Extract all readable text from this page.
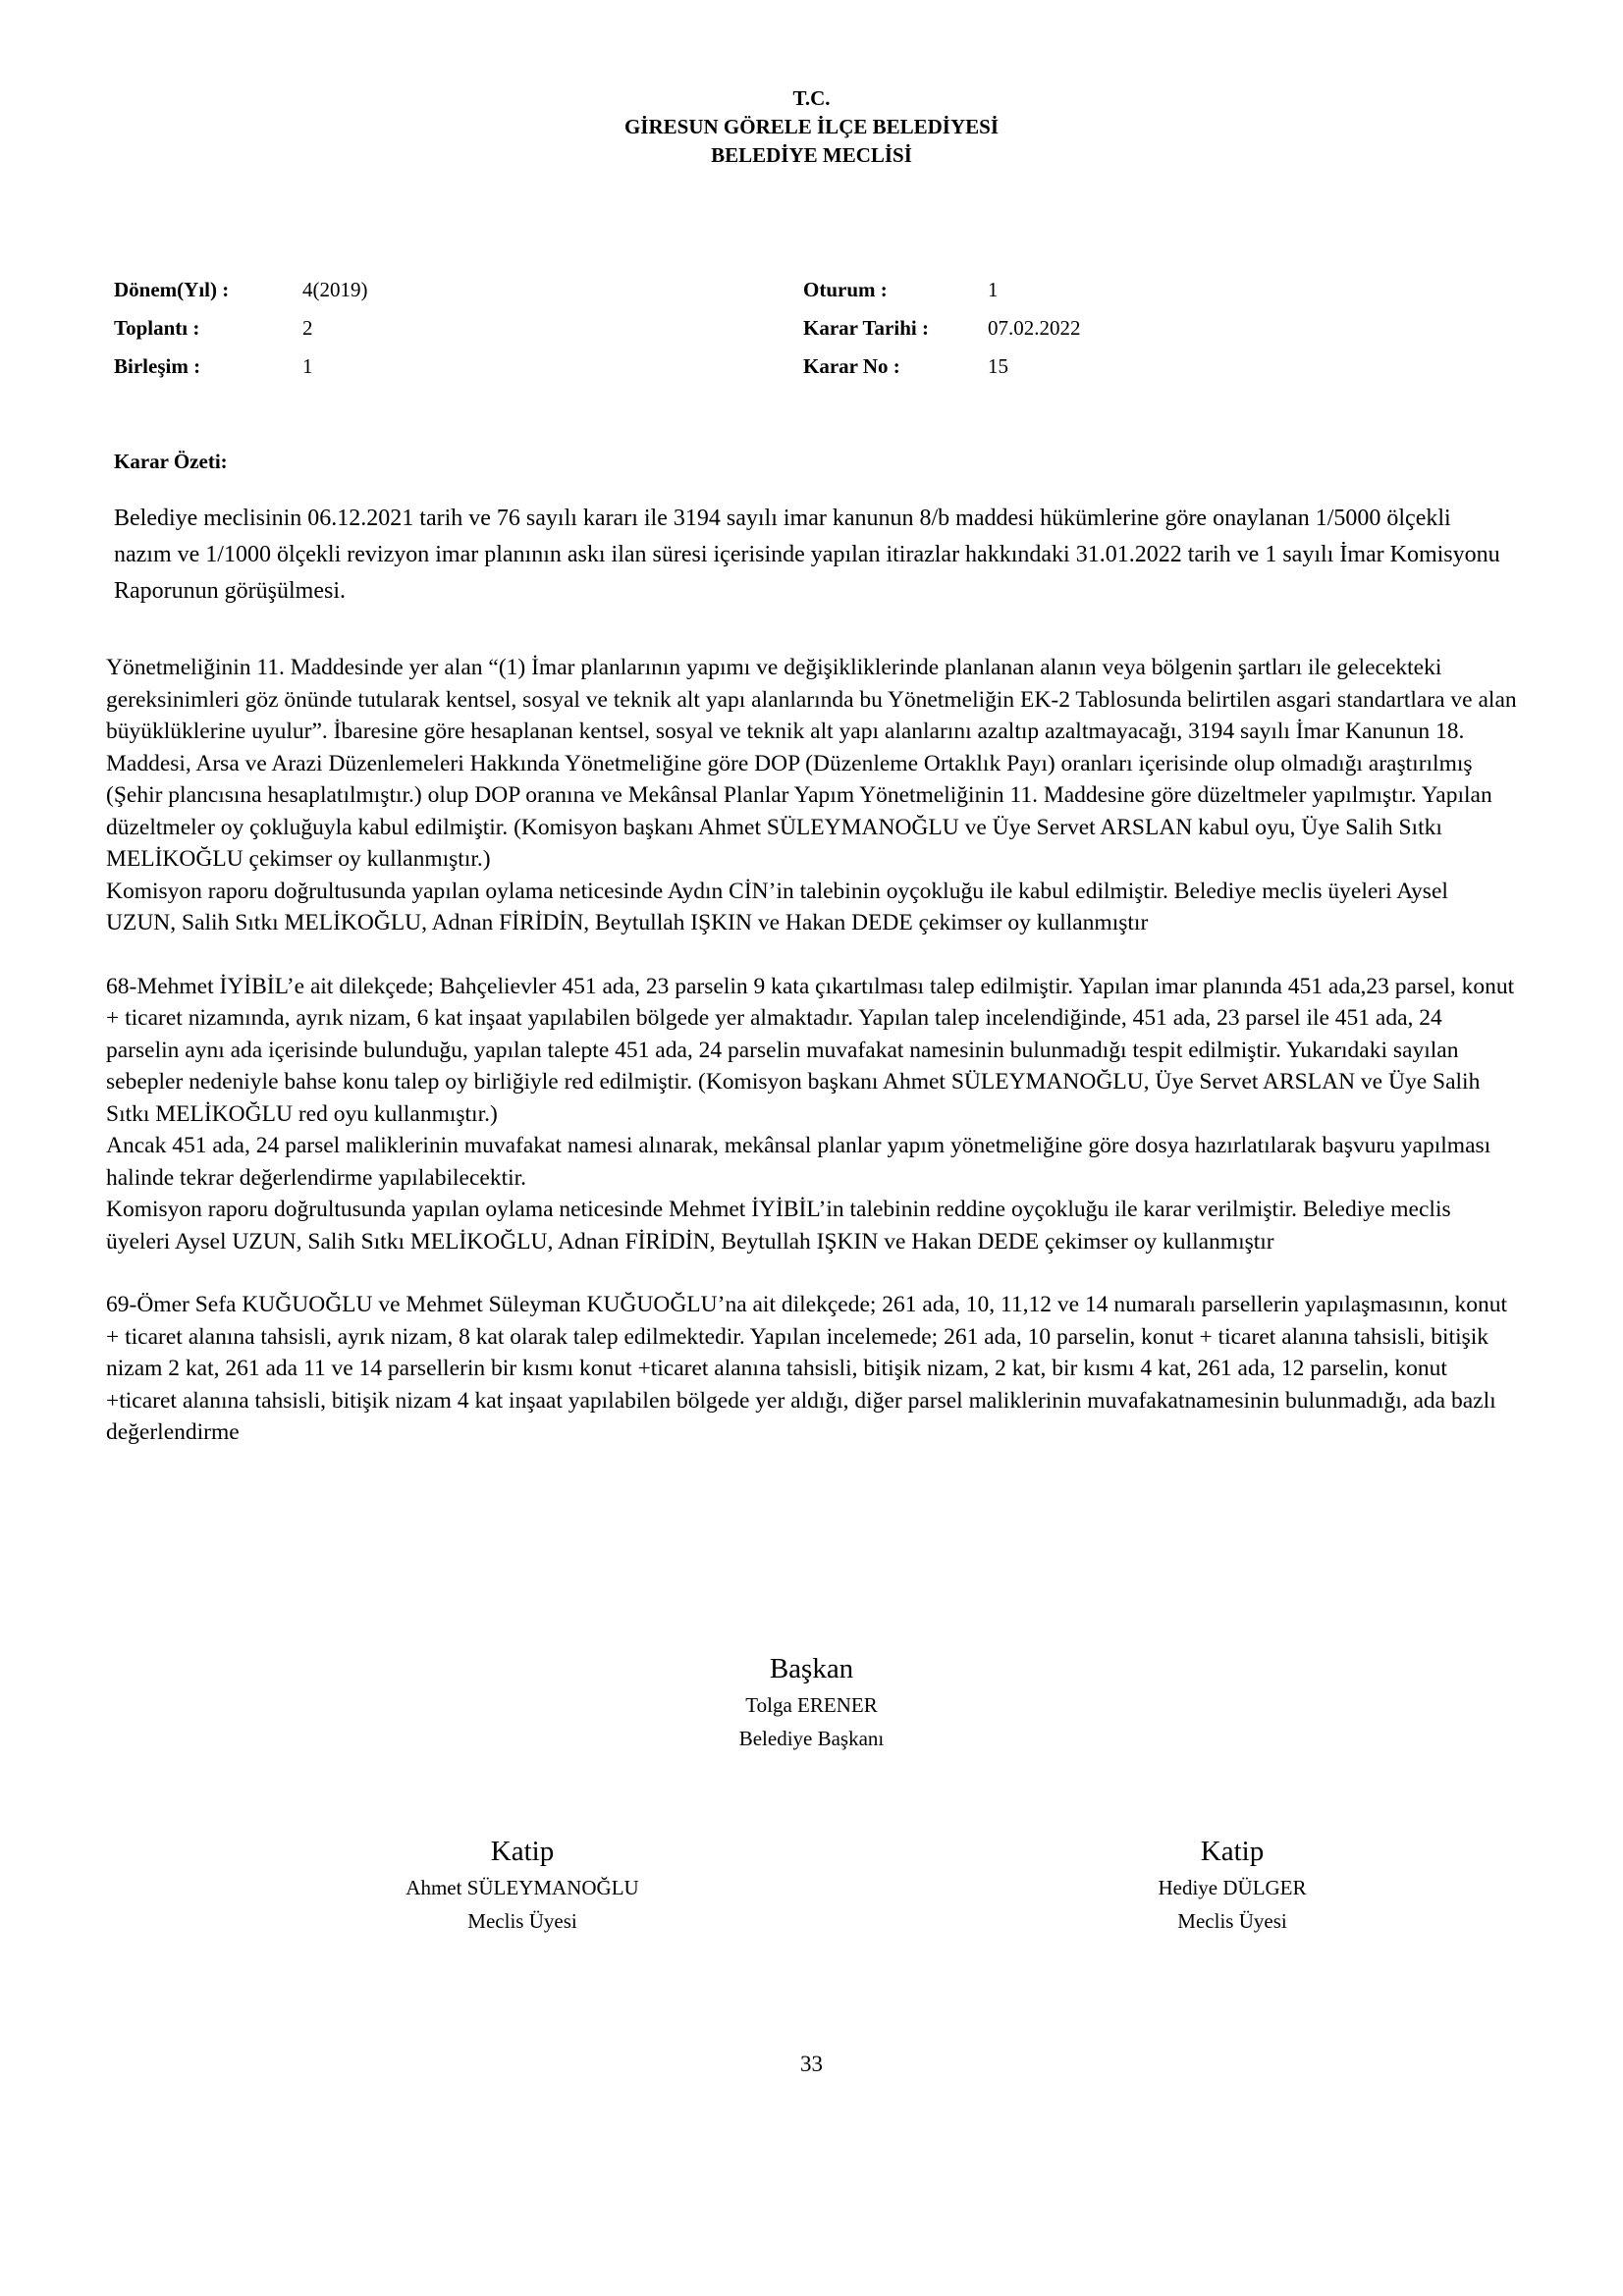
T.C.
GİRESUN GÖRELE İLÇE BELEDİYESİ
BELEDİYE MECLİSİ
Dönem(Yıl) :	4(2019)	Oturum :	1
Toplantı :	2	Karar Tarihi :	07.02.2022
Birleşim :	1	Karar No :	15
Karar Özeti:
Belediye meclisinin 06.12.2021 tarih ve 76 sayılı kararı ile 3194 sayılı imar kanunun 8/b maddesi hükümlerine göre onaylanan 1/5000 ölçekli nazım ve 1/1000 ölçekli revizyon imar planının askı ilan süresi içerisinde yapılan itirazlar hakkındaki 31.01.2022 tarih ve 1 sayılı İmar Komisyonu Raporunun görüşülmesi.

Yönetmeliğinin 11. Maddesinde yer alan “(1) İmar planlarının yapımı ve değişikliklerinde planlanan alanın veya bölgenin şartları ile gelecekteki gereksinimleri göz önünde tutularak kentsel, sosyal ve teknik alt yapı alanlarında bu Yönetmeliğin EK-2 Tablosunda belirtilen asgari standartlara ve alan büyüklüklerine uyulur”. İbaresine göre hesaplanan kentsel, sosyal ve teknik alt yapı alanlarını azaltıp azaltmayacağı, 3194 sayılı İmar Kanunun 18. Maddesi, Arsa ve Arazi Düzenlemeleri Hakkında Yönetmeliğine göre DOP (Düzenleme Ortaklık Payı) oranları içerisinde olup olmadığı araştırılmış (Şehir plancısına hesaplatılmıştır.) olup DOP oranına ve Mekânsal Planlar Yapım Yönetmeliğinin 11. Maddesine göre düzeltmeler yapılmıştır. Yapılan düzeltmeler oy çokluğuyla kabul edilmiştir. (Komisyon başkanı Ahmet SÜLEYMANOĞLU ve Üye Servet ARSLAN kabul oyu, Üye Salih Sıtkı MELİKOĞLU çekimser oy kullanmıştır.)

Komisyon raporu doğrultusunda yapılan oylama neticesinde Aydın CİN’in talebinin oyçokluğu ile kabul edilmiştir. Belediye meclis üyeleri Aysel UZUN, Salih Sıtkı MELİKOĞLU, Adnan FİRİDİN, Beytullah IŞKIN ve Hakan DEDE çekimser oy kullanmıştır

68-Mehmet İYİBİL’e ait dilekçede; Bahçelievler 451 ada, 23 parselin 9 kata çıkartılması talep edilmiştir. Yapılan imar planında 451 ada,23 parsel, konut + ticaret nizamında, ayrık nizam, 6 kat inşaat yapılabilen bölgede yer almaktadır. Yapılan talep incelendiğinde, 451 ada, 23 parsel ile 451 ada, 24 parselin aynı ada içerisinde bulunduğu, yapılan talepte 451 ada, 24 parselin muvafakat namesinin bulunmadığı tespit edilmiştir. Yukarıdaki sayılan sebepler nedeniyle bahse konu talep oy birliğiyle red edilmiştir. (Komisyon başkanı Ahmet SÜLEYMANOĞLU, Üye Servet ARSLAN ve Üye Salih Sıtkı MELİKOĞLU red oyu kullanmıştır.)

Ancak 451 ada, 24 parsel maliklerinin muvafakat namesi alınarak, mekânsal planlar yapım yönetmeliğine göre dosya hazırlatılarak başvuru yapılması halinde tekrar değerlendirme yapılabilecektir.

Komisyon raporu doğrultusunda yapılan oylama neticesinde Mehmet İYİBİL’in talebinin reddine oyçokluğu ile karar verilmiştir. Belediye meclis üyeleri Aysel UZUN, Salih Sıtkı MELİKOĞLU, Adnan FİRİDİN, Beytullah IŞKIN ve Hakan DEDE çekimser oy kullanmıştır

69-Ömer Sefa KUĞUOĞLU ve Mehmet Süleyman KUĞUOĞLU’na ait dilekçede; 261 ada, 10, 11,12 ve 14 numaralı parsellerin yapılaşmasının, konut + ticaret alanına tahsisli, ayrık nizam, 8 kat olarak talep edilmektedir. Yapılan incelemede; 261 ada, 10 parselin, konut + ticaret alanına tahsisli, bitişik nizam 2 kat, 261 ada 11 ve 14 parsellerin bir kısmı konut +ticaret alanına tahsisli, bitişik nizam, 2 kat, bir kısmı 4 kat, 261 ada, 12 parselin, konut +ticaret alanına tahsisli, bitişik nizam 4 kat inşaat yapılabilen bölgede yer aldığı, diğer parsel maliklerinin muvafakatnamesinin bulunmadığı, ada bazlı değerlendirme

Başkan
Tolga ERENER
Belediye Başkanı
Katip
Ahmet SÜLEYMANOĞLU
Meclis Üyesi
Katip
Hediye DÜLGER
Meclis Üyesi
33
